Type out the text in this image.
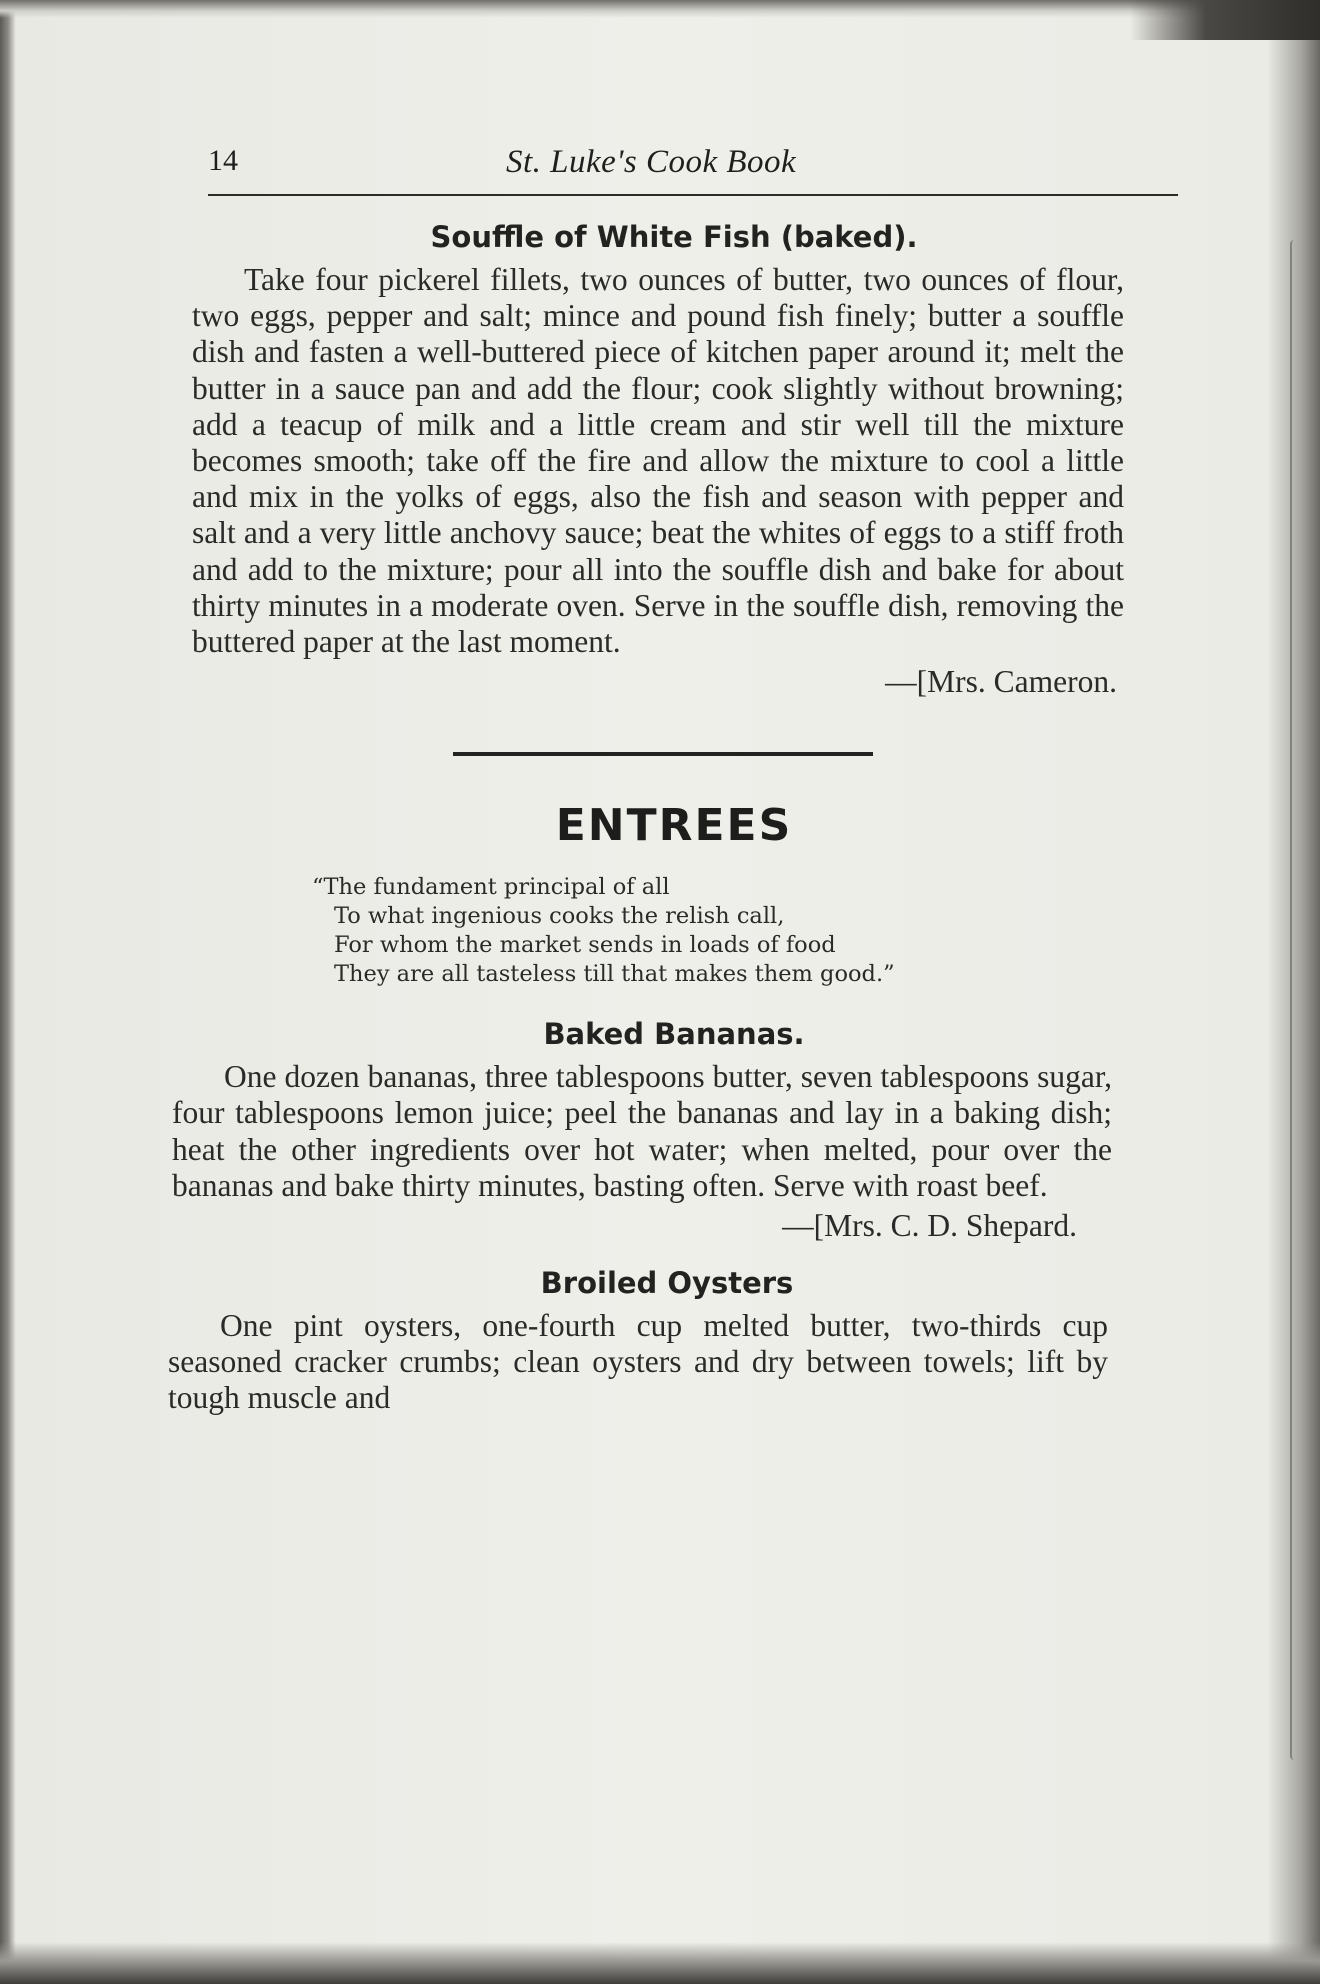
14	St. Luke's Cook Book
Souffle of White Fish (baked).

Take four pickerel fillets, two ounces of butter, two ounces of flour, two eggs, pepper and salt; mince and pound fish finely; butter a souffle dish and fasten a well-buttered piece of kitchen paper around it; melt the butter in a sauce pan and add the flour; cook slightly without browning; add a teacup of milk and a little cream and stir well till the mixture becomes smooth; take off the fire and allow the mixture to cool a little and mix in the yolks of eggs, also the fish and season with pepper and salt and a very little anchovy sauce; beat the whites of eggs to a stiff froth and add to the mixture; pour all into the souffle dish and bake for about thirty minutes in a moderate oven. Serve in the souffle dish, removing the buttered paper at the last moment.

—[Mrs. Cameron.

ENTREES
“The fundament principal of all
To what ingenious cooks the relish call,
For whom the market sends in loads of food
They are all tasteless till that makes them good.”
Baked Bananas.

One dozen bananas, three tablespoons butter, seven tablespoons sugar, four tablespoons lemon juice; peel the bananas and lay in a baking dish; heat the other ingredients over hot water; when melted, pour over the bananas and bake thirty minutes, basting often. Serve with roast beef.

—[Mrs. C. D. Shepard.

Broiled Oysters

One pint oysters, one-fourth cup melted butter, two-thirds cup seasoned cracker crumbs; clean oysters and dry between towels; lift by tough muscle and
